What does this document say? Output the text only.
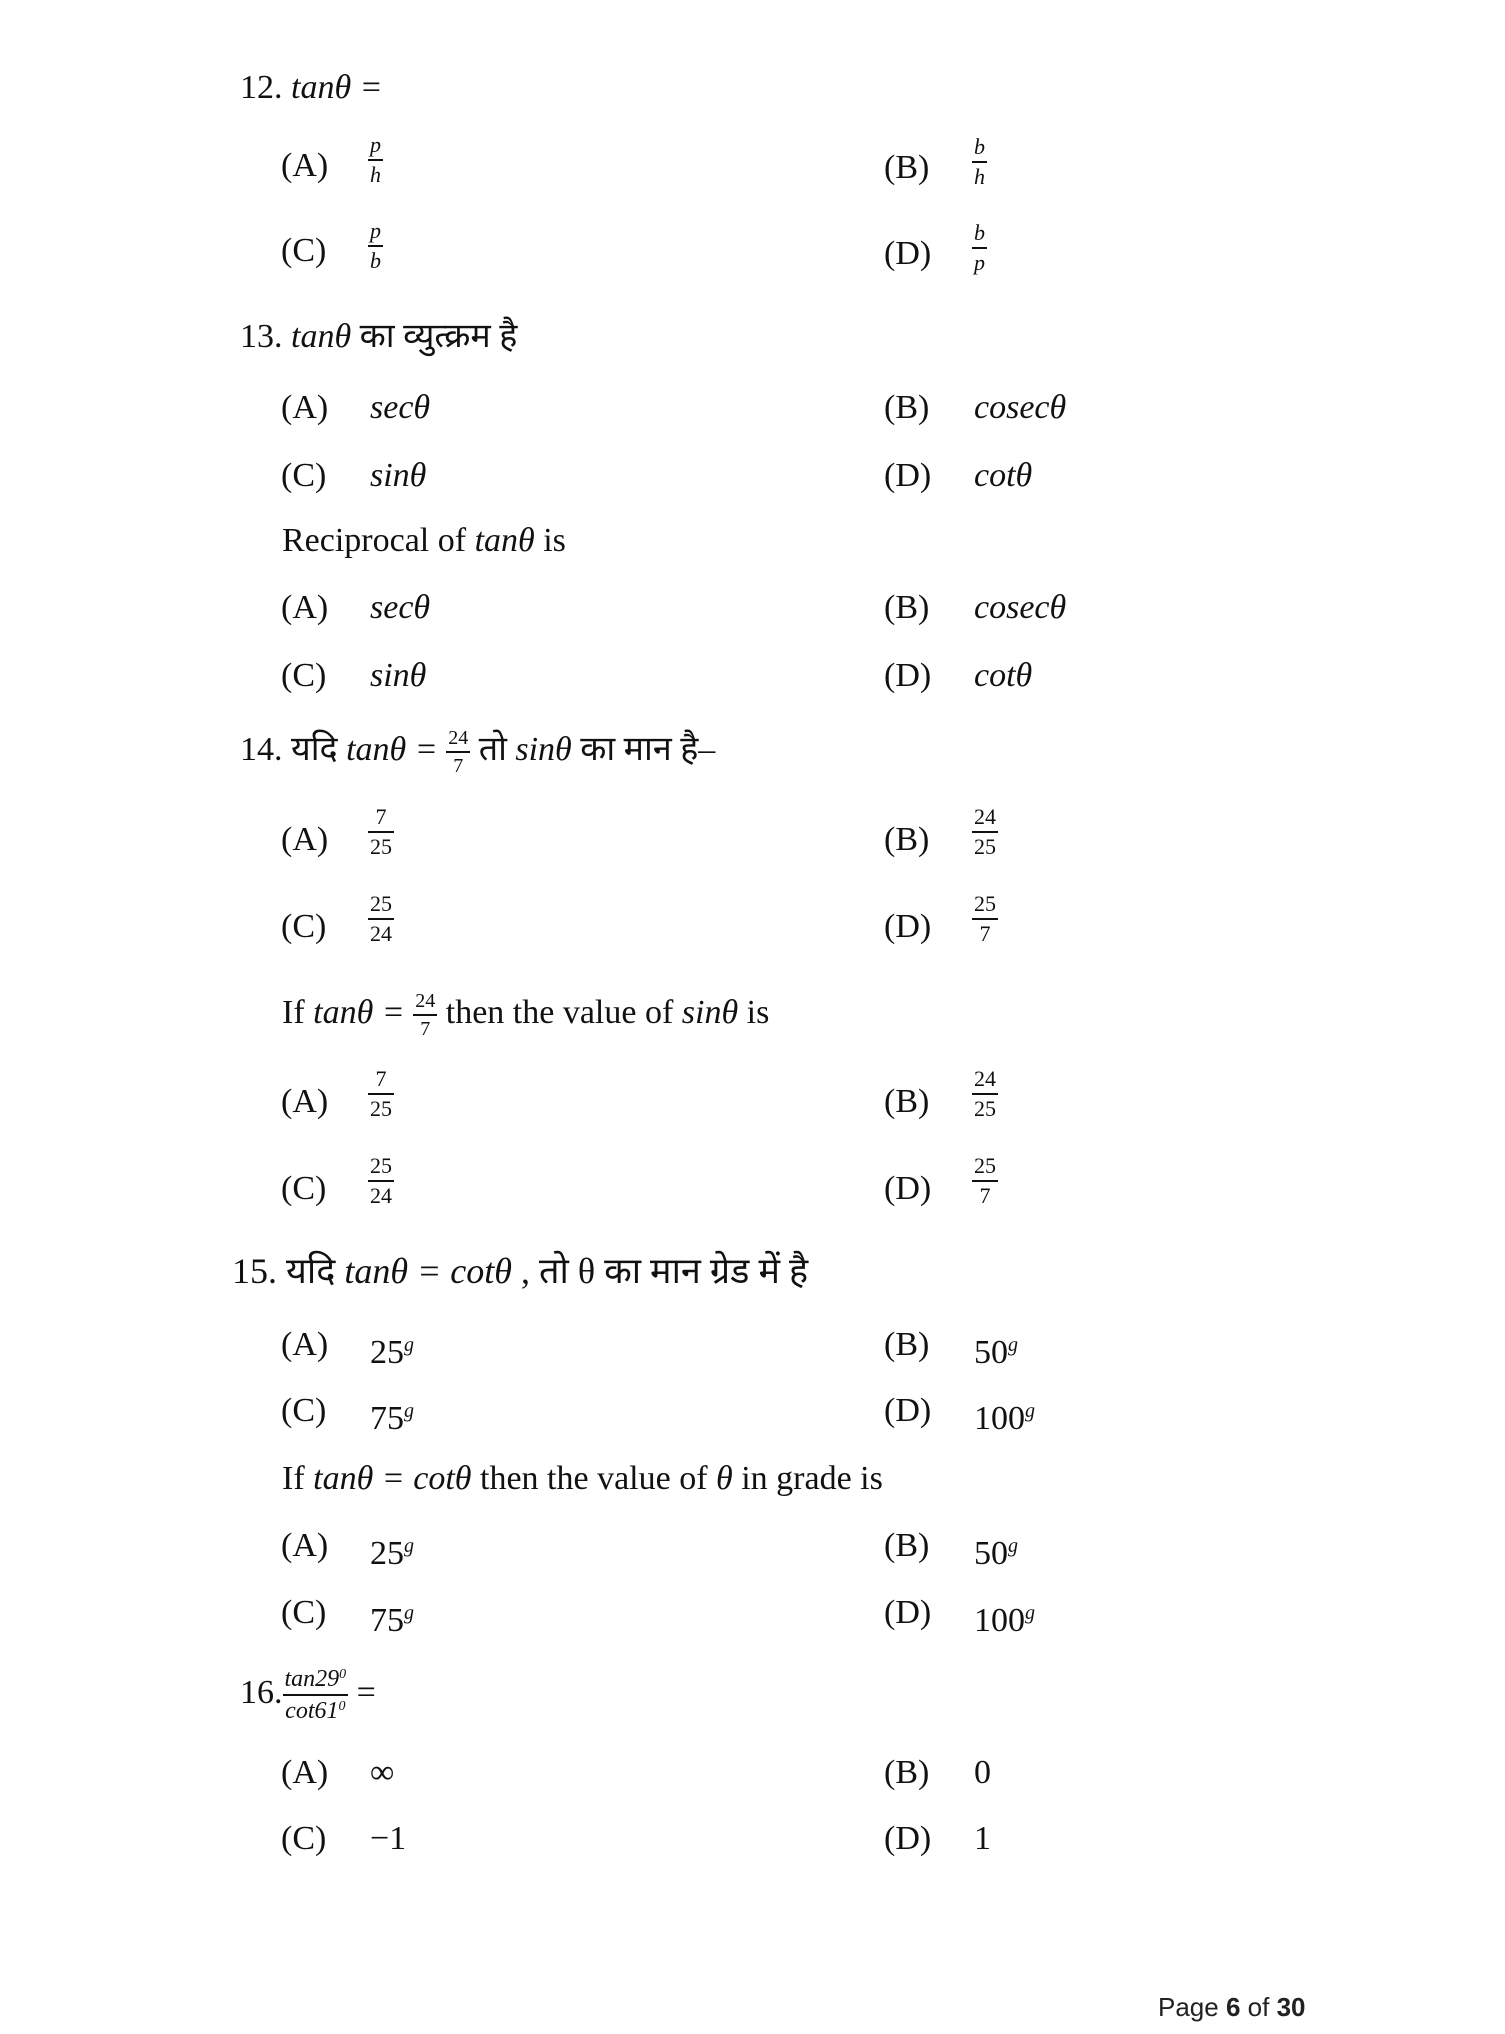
12. tanθ =
$(A) \frac{p}{h}$	$(B) \frac{b}{h}$
$(C) \frac{p}{b}$	$(D) \frac{b}{p}$
13. tanθ का व्युत्क्रम है
(A) secθ	(B) cosecθ
(C) sinθ	(D) cotθ
Reciprocal of tanθ is
(A) secθ	(B) cosecθ
(C) sinθ	(D) cotθ
14. यदि $\tan\theta = \frac{24}{7}$ तो sinθ का मान है–
$(A) \frac{7}{25}$	$(B) \frac{24}{25}$
$(C) \frac{25}{24}$	$(D) \frac{25}{7}$
If $\tan\theta = \frac{24}{7}$ then the value of sinθ is
$(A) \frac{7}{25}$	$(B) \frac{24}{25}$
$(C) \frac{25}{24}$	$(D) \frac{25}{7}$
15. यदि tanθ = cotθ , तो θ का मान ग्रेड में है
(A) 25$^g$	(B) 50$^g$
(C) 75$^g$	(D) 100$^g$
If tanθ = cotθ then the value of θ in grade is
(A) 25$^g$	(B) 50$^g$
(C) 75$^g$	(D) 100$^g$
16. $\frac{\tan 29^0}{\cot 61^0}$ =
(A) ∞	(B) 0
(C) −1	(D) 1
Page 6 of 30
